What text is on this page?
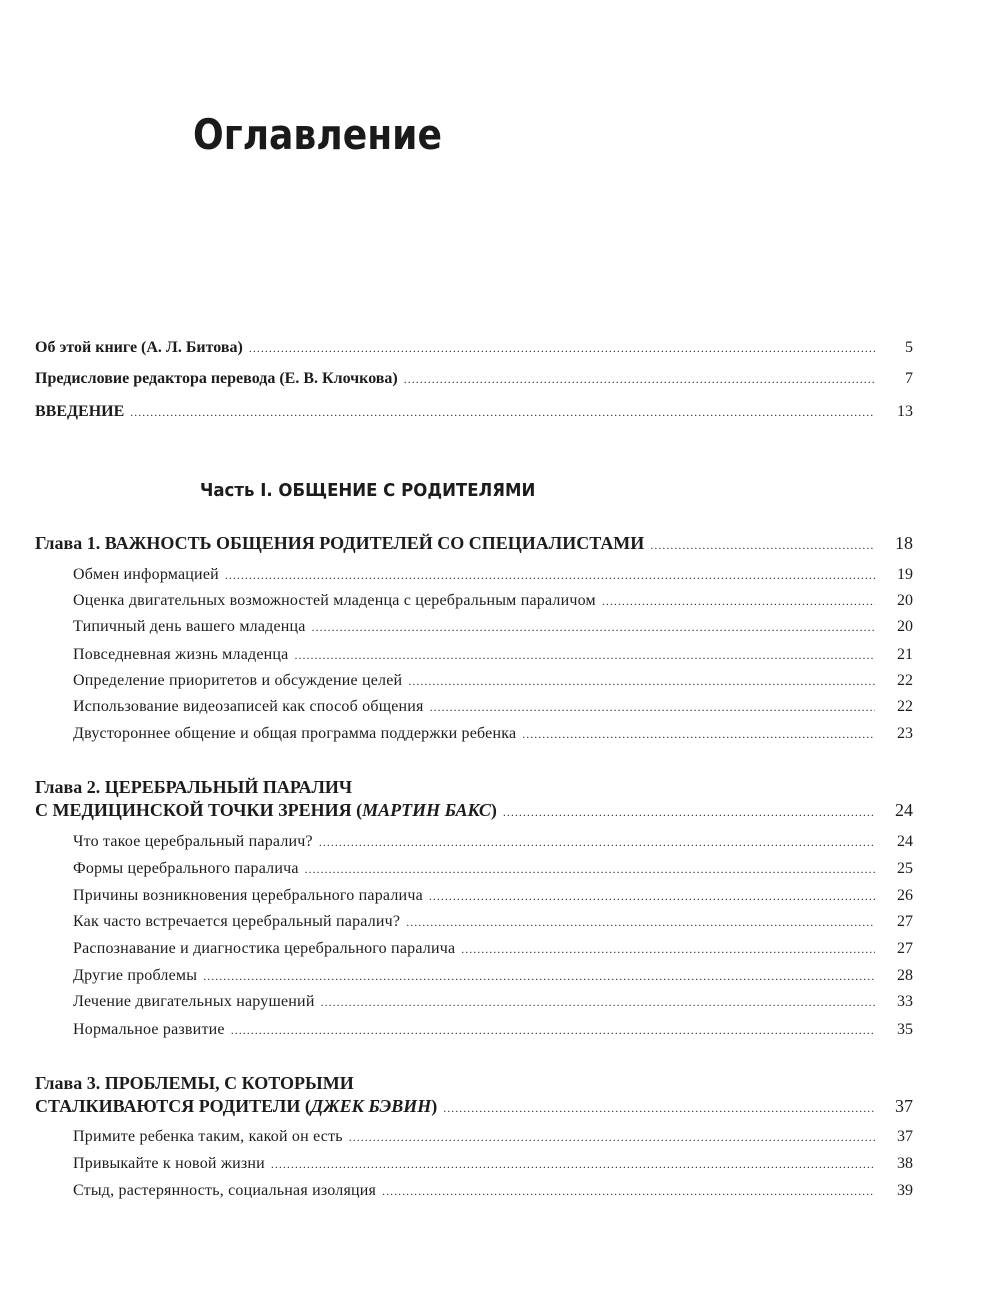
Оглавление
Об этой книге (А. Л. Битова) .....	5
Предисловие редактора перевода (Е. В. Клочкова) .....	7
ВВЕДЕНИЕ .....	13
Часть I. ОБЩЕНИЕ С РОДИТЕЛЯМИ
Глава 1. ВАЖНОСТЬ ОБЩЕНИЯ РОДИТЕЛЕЙ СО СПЕЦИАЛИСТАМИ .....	18
Обмен информацией .....	19
Оценка двигательных возможностей младенца с церебральным параличом .....	20
Типичный день вашего младенца .....	20
Повседневная жизнь младенца .....	21
Определение приоритетов и обсуждение целей .....	22
Использование видеозаписей как способ общения .....	22
Двустороннее общение и общая программа поддержки ребенка .....	23
Глава 2. ЦЕРЕБРАЛЬНЫЙ ПАРАЛИЧ
С МЕДИЦИНСКОЙ ТОЧКИ ЗРЕНИЯ (МАРТИН БАКС) .....	24
Что такое церебральный паралич? .....	24
Формы церебрального паралича .....	25
Причины возникновения церебрального паралича .....	26
Как часто встречается церебральный паралич? .....	27
Распознавание и диагностика церебрального паралича .....	27
Другие проблемы .....	28
Лечение двигательных нарушений .....	33
Нормальное развитие .....	35
Глава 3. ПРОБЛЕМЫ, С КОТОРЫМИ
СТАЛКИВАЮТСЯ РОДИТЕЛИ (ДЖЕК БЭВИН) .....	37
Примите ребенка таким, какой он есть .....	37
Привыкайте к новой жизни .....	38
Стыд, растерянность, социальная изоляция .....	39
